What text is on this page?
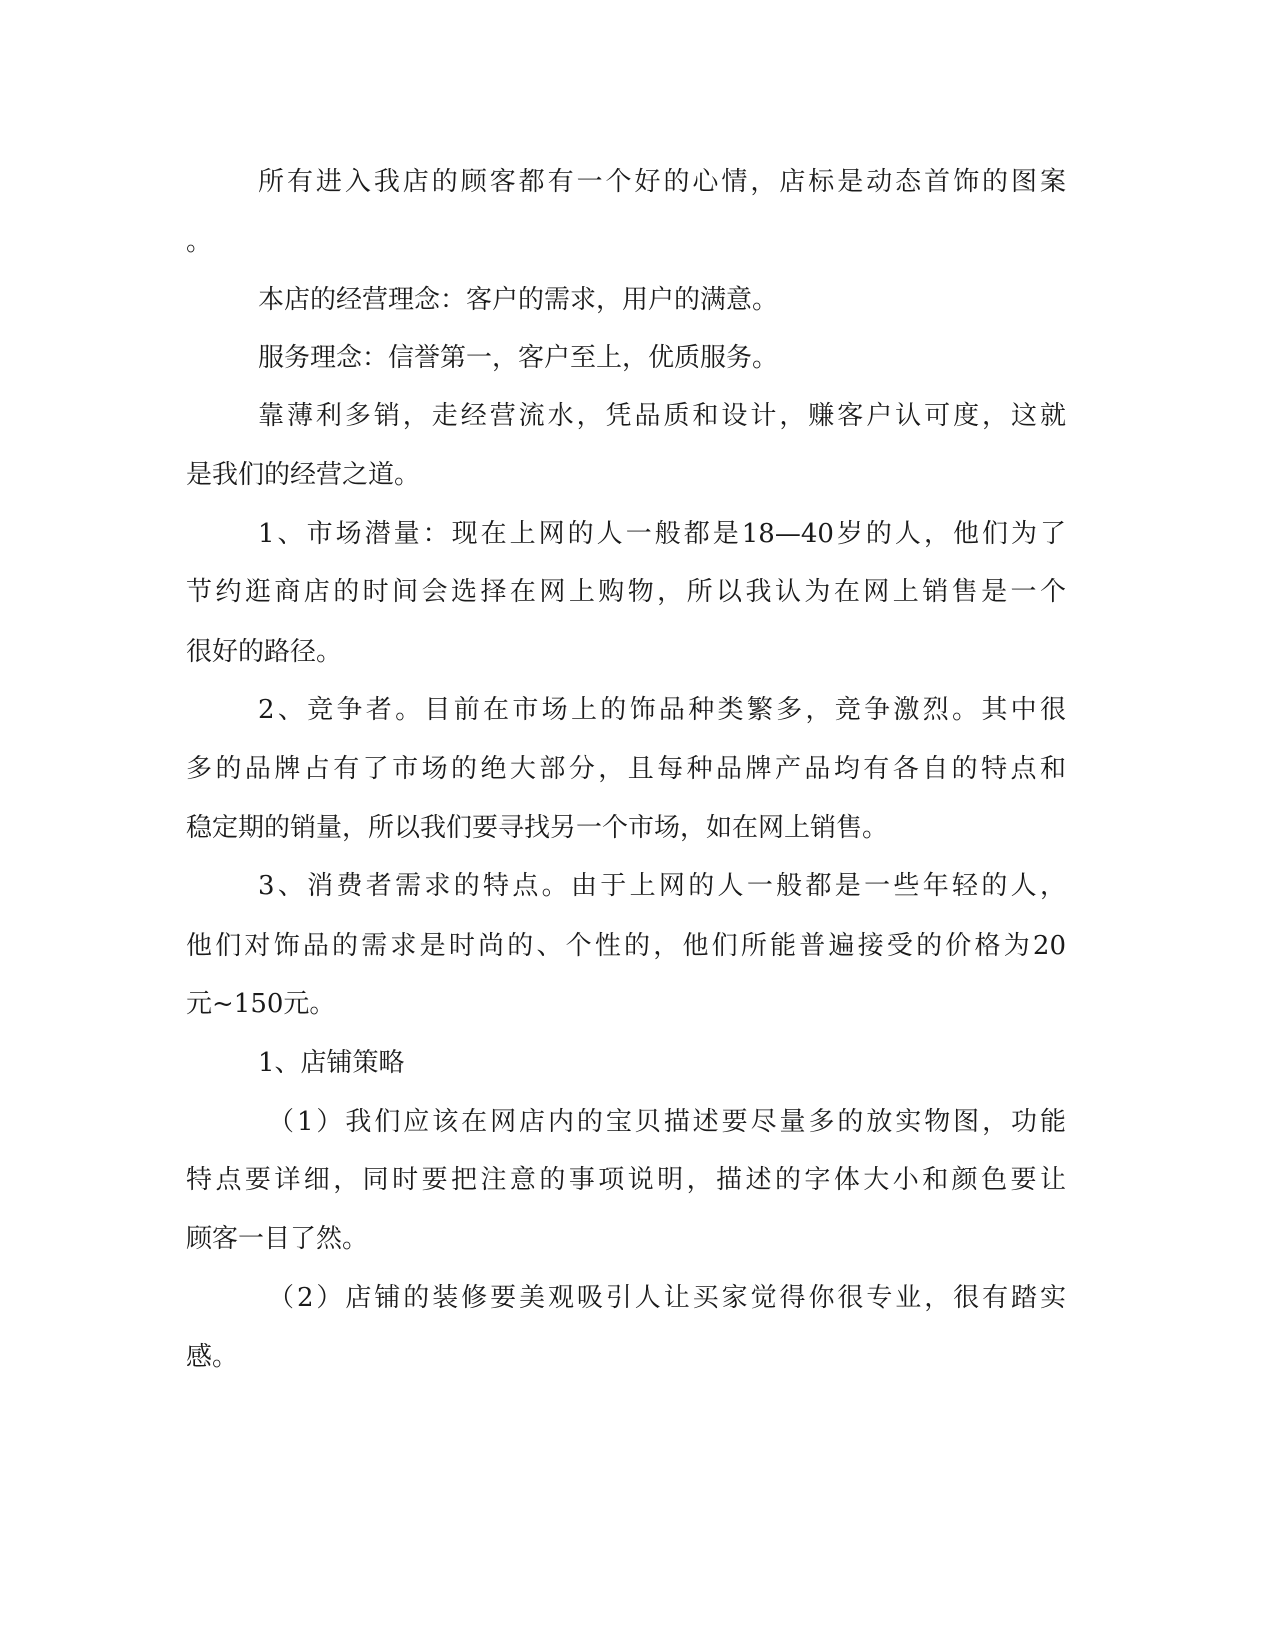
所有进入我店的顾客都有一个好的心情，店标是动态首饰的图案

。

本店的经营理念：客户的需求，用户的满意。

服务理念：信誉第一，客户至上，优质服务。

靠薄利多销，走经营流水，凭品质和设计，赚客户认可度，这就

是我们的经营之道。

1、市场潜量：现在上网的人一般都是18—40岁的人，他们为了

节约逛商店的时间会选择在网上购物，所以我认为在网上销售是一个

很好的路径。

2、竞争者。目前在市场上的饰品种类繁多，竞争激烈。其中很

多的品牌占有了市场的绝大部分，且每种品牌产品均有各自的特点和

稳定期的销量，所以我们要寻找另一个市场，如在网上销售。

3、消费者需求的特点。由于上网的人一般都是一些年轻的人，

他们对饰品的需求是时尚的、个性的，他们所能普遍接受的价格为20

元~150元。

1、店铺策略

（1）我们应该在网店内的宝贝描述要尽量多的放实物图，功能

特点要详细，同时要把注意的事项说明，描述的字体大小和颜色要让

顾客一目了然。

（2）店铺的装修要美观吸引人让买家觉得你很专业，很有踏实

感。
